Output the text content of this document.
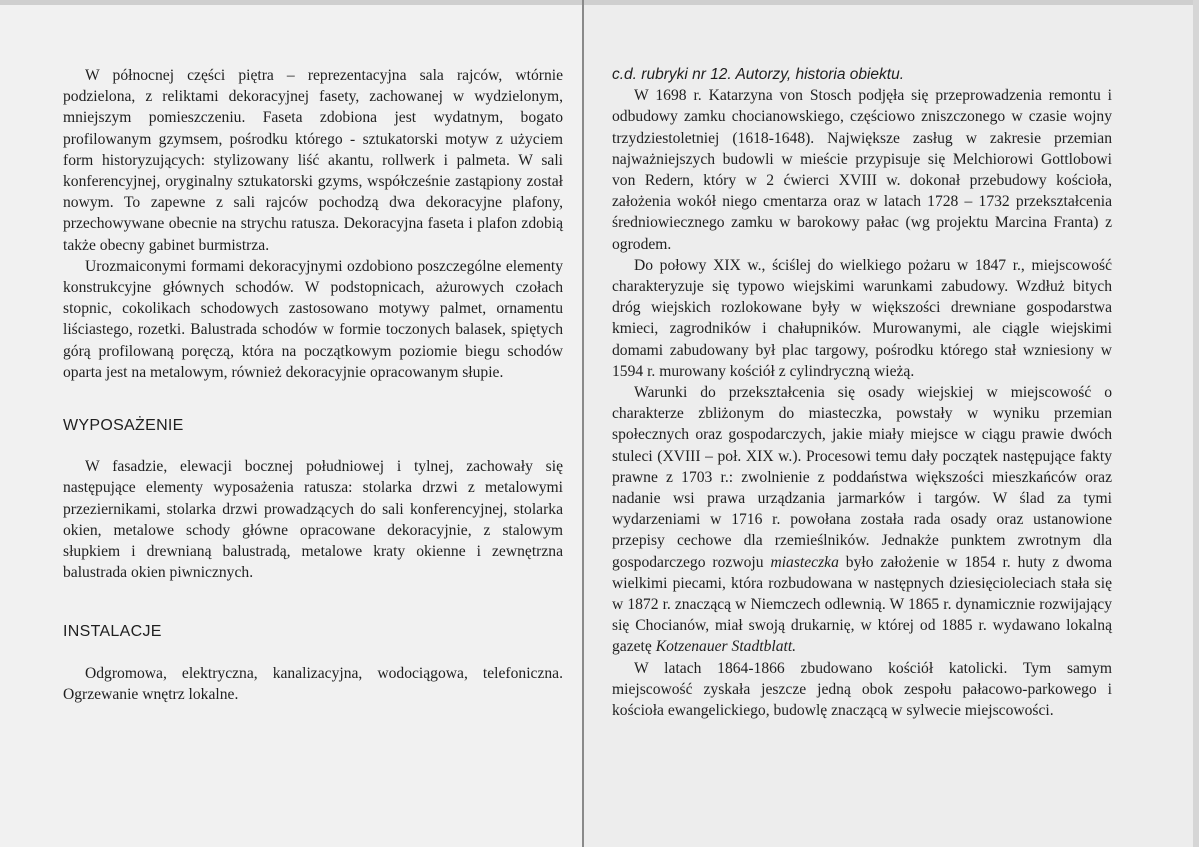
W północnej części piętra – reprezentacyjna sala rajców, wtórnie podzielona, z reliktami dekoracyjnej fasety, zachowanej w wydzielonym, mniejszym pomieszczeniu. Faseta zdobiona jest wydatnym, bogato profilowanym gzymsem, pośrodku którego - sztukatorski motyw z użyciem form historyzujących: stylizowany liść akantu, rollwerk i palmeta. W sali konferencyjnej, oryginalny sztukatorski gzyms, współcześnie zastąpiony został nowym. To zapewne z sali rajców pochodzą dwa dekoracyjne plafony, przechowywane obecnie na strychu ratusza. Dekoracyjna faseta i plafon zdobią także obecny gabinet burmistrza.

Urozmaiconymi formami dekoracyjnymi ozdobiono poszczególne elementy konstrukcyjne głównych schodów. W podstopnicach, ażurowych czołach stopnic, cokolikach schodowych zastosowano motywy palmet, ornamentu liściastego, rozetki. Balustrada schodów w formie toczonych balasek, spiętych górą profilowaną poręczą, która na początkowym poziomie biegu schodów oparta jest na metalowym, również dekoracyjnie opracowanym słupie.

WYPOSAŻENIE

W fasadzie, elewacji bocznej południowej i tylnej, zachowały się następujące elementy wyposażenia ratusza: stolarka drzwi z metalowymi przeziernikami, stolarka drzwi prowadzących do sali konferencyjnej, stolarka okien, metalowe schody główne opracowane dekoracyjnie, z stalowym słupkiem i drewnianą balustradą, metalowe kraty okienne i zewnętrzna balustrada okien piwnicznych.

INSTALACJE

Odgromowa, elektryczna, kanalizacyjna, wodociągowa, telefoniczna. Ogrzewanie wnętrz lokalne.

c.d. rubryki nr 12. Autorzy, historia obiektu.

W 1698 r. Katarzyna von Stosch podjęła się przeprowadzenia remontu i odbudowy zamku chocianowskiego, częściowo zniszczonego w czasie wojny trzydziestoletniej (1618-1648). Największe zasług w zakresie przemian najważniejszych budowli w mieście przypisuje się Melchiorowi Gottlobowi von Redern, który w 2 ćwierci XVIII w. dokonał przebudowy kościoła, założenia wokół niego cmentarza oraz w latach 1728 – 1732 przekształcenia średniowiecznego zamku w barokowy pałac (wg projektu Marcina Franta) z ogrodem.

Do połowy XIX w., ściślej do wielkiego pożaru w 1847 r., miejscowość charakteryzuje się typowo wiejskimi warunkami zabudowy. Wzdłuż bitych dróg wiejskich rozlokowane były w większości drewniane gospodarstwa kmieci, zagrodników i chałupników. Murowanymi, ale ciągle wiejskimi domami zabudowany był plac targowy, pośrodku którego stał wzniesiony w 1594 r. murowany kościół z cylindryczną wieżą.

Warunki do przekształcenia się osady wiejskiej w miejscowość o charakterze zbliżonym do miasteczka, powstały w wyniku przemian społecznych oraz gospodarczych, jakie miały miejsce w ciągu prawie dwóch stuleci (XVIII – poł. XIX w.). Procesowi temu dały początek następujące fakty prawne z 1703 r.: zwolnienie z poddaństwa większości mieszkańców oraz nadanie wsi prawa urządzania jarmarków i targów. W ślad za tymi wydarzeniami w 1716 r. powołana została rada osady oraz ustanowione przepisy cechowe dla rzemieślników. Jednakże punktem zwrotnym dla gospodarczego rozwoju miasteczka było założenie w 1854 r. huty z dwoma wielkimi piecami, która rozbudowana w następnych dziesięcioleciach stała się w 1872 r. znaczącą w Niemczech odlewnią. W 1865 r. dynamicznie rozwijający się Chocianów, miał swoją drukarnię, w której od 1885 r. wydawano lokalną gazetę Kotzenauer Stadtblatt.

W latach 1864-1866 zbudowano kościół katolicki. Tym samym miejscowość zyskała jeszcze jedną obok zespołu pałacowo-parkowego i kościoła ewangelickiego, budowlę znaczącą w sylwecie miejscowości.
